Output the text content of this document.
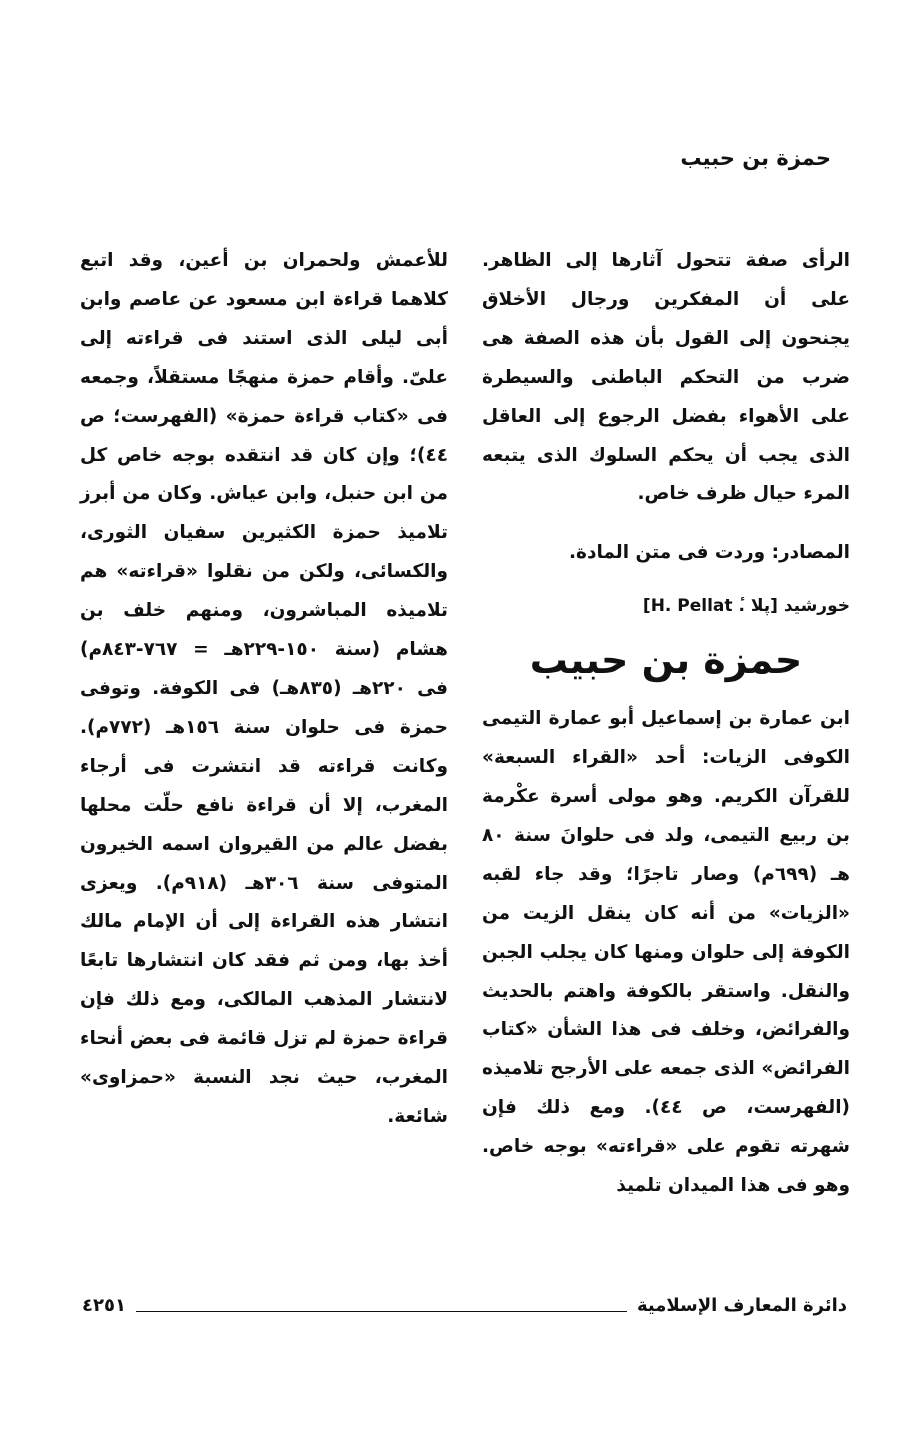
حمزة بن حبيب

الرأى صفة تتحول آثارها إلى الظاهر. على أن المفكرين ورجال الأخلاق يجنحون إلى القول بأن هذه الصفة هى ضرب من التحكم الباطنى والسيطرة على الأهواء بفضل الرجوع إلى العاقل الذى يجب أن يحكم السلوك الذى يتبعه المرء حيال ظرف خاص.

المصادر: وردت فى متن المادة.

خورشيد [پلا .ٔ H. Pellat]

حمزة بن حبيب

ابن عمارة بن إسماعيل أبو عمارة التيمى الكوفى الزيات: أحد «القراء السبعة» للقرآن الكريم. وهو مولى أسرة عكْرمة بن ربيع التيمى، ولد فى حلوانَ سنة ٨٠ هـ (٦٩٩م) وصار تاجرًا؛ وقد جاء لقبه «الزيات» من أنه كان ينقل الزيت من الكوفة إلى حلوان ومنها كان يجلب الجبن والنقل. واستقر بالكوفة واهتم بالحديث والفرائض، وخلف فى هذا الشأن «كتاب الفرائض» الذى جمعه على الأرجح تلاميذه (الفهرست، ص ٤٤). ومع ذلك فإن شهرته تقوم على «قراءته» بوجه خاص. وهو فى هذا الميدان تلميذ

للأعمش ولحمران بن أعين، وقد اتبع كلاهما قراءة ابن مسعود عن عاصم وابن أبى ليلى الذى استند فى قراءته إلى علىّ. وأقام حمزة منهجًا مستقلاً، وجمعه فى «كتاب قراءة حمزة» (الفهرست؛ ص ٤٤)؛ وإن كان قد انتقده بوجه خاص كل من ابن حنبل، وابن عياش. وكان من أبرز تلاميذ حمزة الكثيرين سفيان الثورى، والكسائى، ولكن من نقلوا «قراءته» هم تلاميذه المباشرون، ومنهم خلف بن هشام (سنة ١٥٠-٢٢٩هـ = ٧٦٧-٨٤٣م) فى ٢٢٠هـ (٨٣٥هـ) فى الكوفة. وتوفى حمزة فى حلوان سنة ١٥٦هـ (٧٧٢م). وكانت قراءته قد انتشرت فى أرجاء المغرب، إلا أن قراءة نافع حلّت محلها بفضل عالم من القيروان اسمه الخيرون المتوفى سنة ٣٠٦هـ (٩١٨م). ويعزى انتشار هذه القراءة إلى أن الإمام مالك أخذ بها، ومن ثم فقد كان انتشارها تابعًا لانتشار المذهب المالكى، ومع ذلك فإن قراءة حمزة لم تزل قائمة فى بعض أنحاء المغرب، حيث نجد النسبة «حمزاوى» شائعة.

دائرة المعارف الإسلامية
٤٢٥١
